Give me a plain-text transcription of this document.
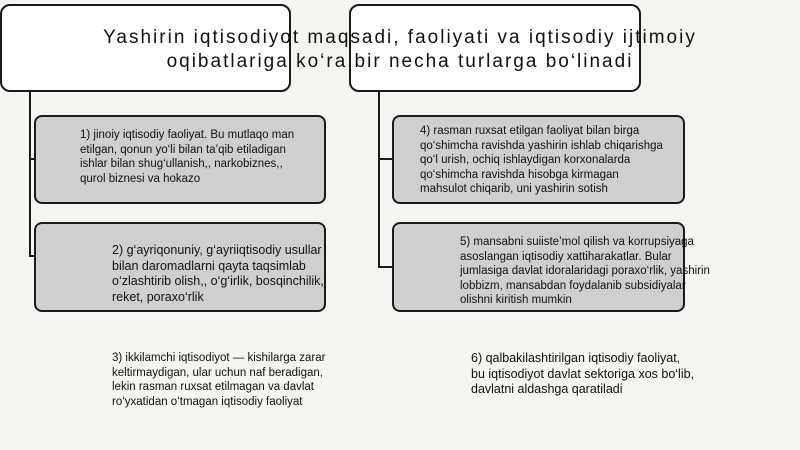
Yashirin iqtisodiyot maqsadi, faoliyati va iqtisodiy ijtimoiy
oqibatlariga ko‘ra bir necha turlarga bo‘linadi
1) jinoiy iqtisodiy faoliyat. Bu mutlaqo man
etilgan, qonun yo‘li bilan ta’qib etiladigan
ishlar bilan shug‘ullanish,, narkobiznes,,
qurol biznesi va hokazo
2) g‘ayriqonuniy, g‘ayriiqtisodiy usullar
bilan daromadlarni qayta taqsimlab
o‘zlashtirib olish,, o‘g‘irlik, bosqinchilik,
reket, poraxo‘rlik
3) ikkilamchi iqtisodiyot — kishilarga zarar
keltirmaydigan, ular uchun naf beradigan,
lekin rasman ruxsat etilmagan va davlat
ro‘yxatidan o‘tmagan iqtisodiy faoliyat
4) rasman ruxsat etilgan faoliyat bilan birga
qo‘shimcha ravishda yashirin ishlab chiqarishga
qo‘l urish, ochiq ishlaydigan korxonalarda
qo‘shimcha ravishda hisobga kirmagan
mahsulot chiqarib, uni yashirin sotish
5) mansabni suiiste’mol qilish va korrupsiyaga
asoslangan iqtisodiy xattiharakatlar. Bular
jumlasiga davlat idoralaridagi poraxo‘rlik, yashirin
lobbizm, mansabdan foydalanib subsidiyalar
olishni kiritish mumkin
6) qalbakilashtirilgan iqtisodiy faoliyat,
bu iqtisodiyot davlat sektoriga xos bo‘lib,
davlatni aldashga qaratiladi
